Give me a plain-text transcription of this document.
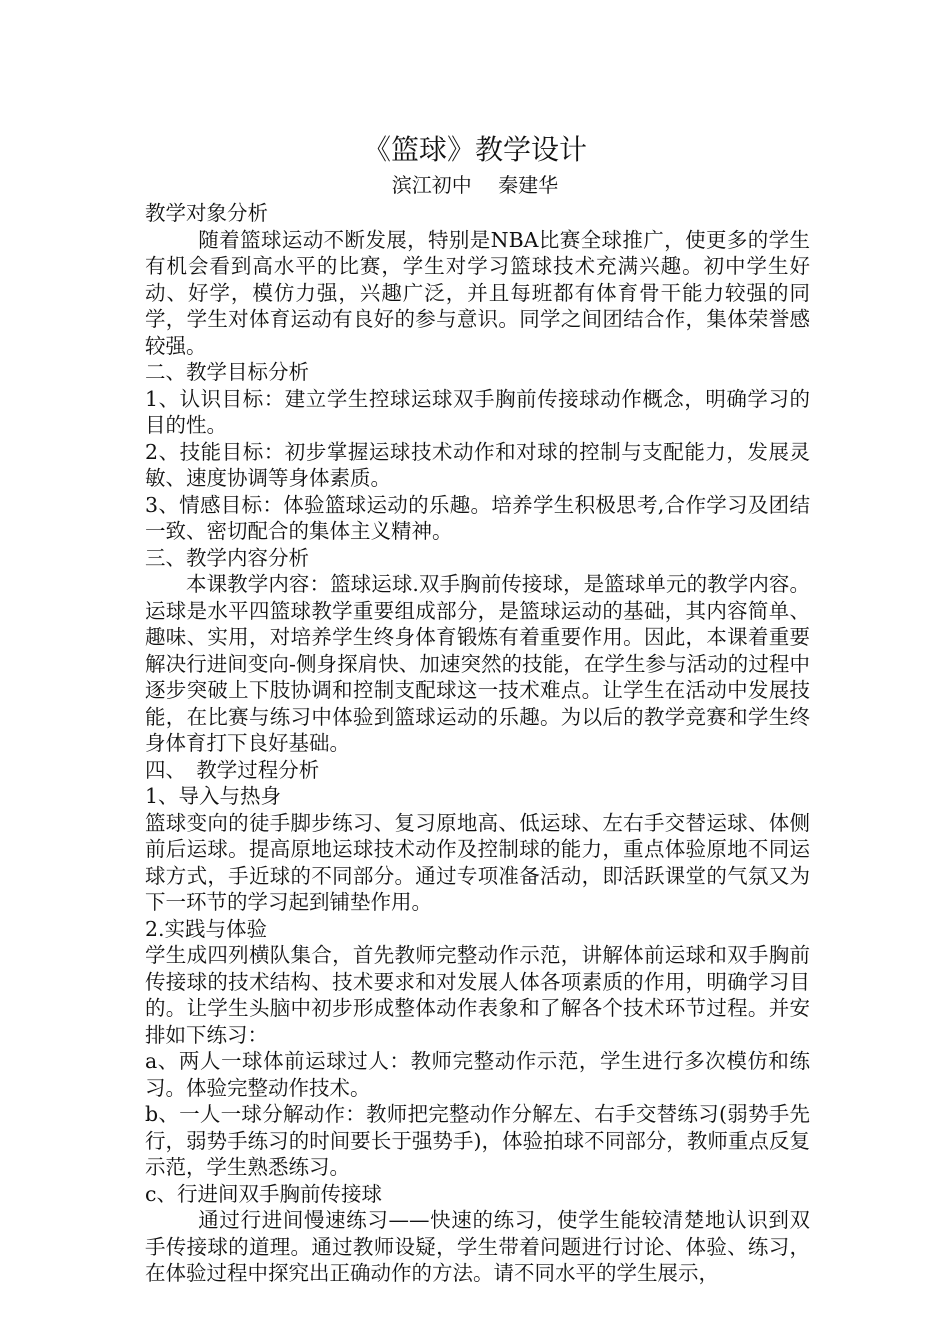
《篮球》教学设计
滨江初中　 秦建华

教学对象分析

随着篮球运动不断发展，特别是NBA比赛全球推广，使更多的学生有机会看到高水平的比赛，学生对学习篮球技术充满兴趣。初中学生好动、好学，模仿力强，兴趣广泛，并且每班都有体育骨干能力较强的同学，学生对体育运动有良好的参与意识。同学之间团结合作，集体荣誉感较强。

二、教学目标分析

1、认识目标：建立学生控球运球双手胸前传接球动作概念，明确学习的目的性。

2、技能目标：初步掌握运球技术动作和对球的控制与支配能力，发展灵敏、速度协调等身体素质。

3、情感目标：体验篮球运动的乐趣。培养学生积极思考,合作学习及团结一致、密切配合的集体主义精神。

三、教学内容分析

本课教学内容：篮球运球.双手胸前传接球，是篮球单元的教学内容。运球是水平四篮球教学重要组成部分，是篮球运动的基础，其内容简单、趣味、实用，对培养学生终身体育锻炼有着重要作用。因此，本课着重要解决行进间变向-侧身探肩快、加速突然的技能，在学生参与活动的过程中逐步突破上下肢协调和控制支配球这一技术难点。让学生在活动中发展技能，在比赛与练习中体验到篮球运动的乐趣。为以后的教学竞赛和学生终身体育打下良好基础。

四、　教学过程分析

1、导入与热身

篮球变向的徒手脚步练习、复习原地高、低运球、左右手交替运球、体侧前后运球。提高原地运球技术动作及控制球的能力，重点体验原地不同运球方式，手近球的不同部分。通过专项准备活动，即活跃课堂的气氛又为下一环节的学习起到铺垫作用。

2.实践与体验

学生成四列横队集合，首先教师完整动作示范，讲解体前运球和双手胸前传接球的技术结构、技术要求和对发展人体各项素质的作用，明确学习目的。让学生头脑中初步形成整体动作表象和了解各个技术环节过程。并安排如下练习：

a、两人一球体前运球过人：教师完整动作示范，学生进行多次模仿和练习。体验完整动作技术。

b、一人一球分解动作：教师把完整动作分解左、右手交替练习(弱势手先行，弱势手练习的时间要长于强势手)，体验拍球不同部分，教师重点反复示范，学生熟悉练习。

c、行进间双手胸前传接球

通过行进间慢速练习——快速的练习，使学生能较清楚地认识到双手传接球的道理。通过教师设疑，学生带着问题进行讨论、体验、练习，在体验过程中探究出正确动作的方法。请不同水平的学生展示，
